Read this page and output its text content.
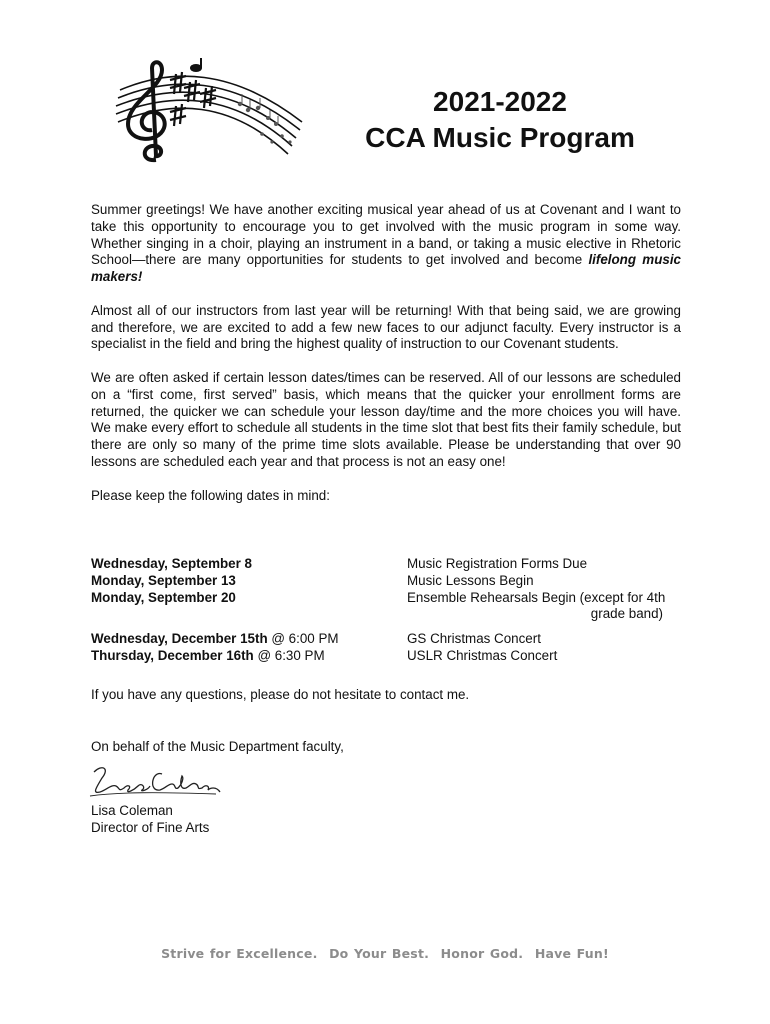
2021-2022
CCA Music Program

Summer greetings! We have another exciting musical year ahead of us at Covenant and I want to take this opportunity to encourage you to get involved with the music program in some way. Whether singing in a choir, playing an instrument in a band, or taking a music elective in Rhetoric School—there are many opportunities for students to get involved and become lifelong music makers!

Almost all of our instructors from last year will be returning! With that being said, we are growing and therefore, we are excited to add a few new faces to our adjunct faculty. Every instructor is a specialist in the field and bring the highest quality of instruction to our Covenant students.

We are often asked if certain lesson dates/times can be reserved. All of our lessons are scheduled on a “first come, first served” basis, which means that the quicker your enrollment forms are returned, the quicker we can schedule your lesson day/time and the more choices you will have. We make every effort to schedule all students in the time slot that best fits their family schedule, but there are only so many of the prime time slots available. Please be understanding that over 90 lessons are scheduled each year and that process is not an easy one!

Please keep the following dates in mind:

Wednesday, September 8	Music Registration Forms Due
Monday, September 13	Music Lessons Begin
Monday, September 20	Ensemble Rehearsals Begin (except for 4th
grade band)
Wednesday, December 15th @ 6:00 PM	GS Christmas Concert
Thursday, December 16th @ 6:30 PM	USLR Christmas Concert
If you have any questions, please do not hesitate to contact me.
On behalf of the Music Department faculty,
Lisa Coleman
Director of Fine Arts
Strive for Excellence. Do Your Best. Honor God. Have Fun!
